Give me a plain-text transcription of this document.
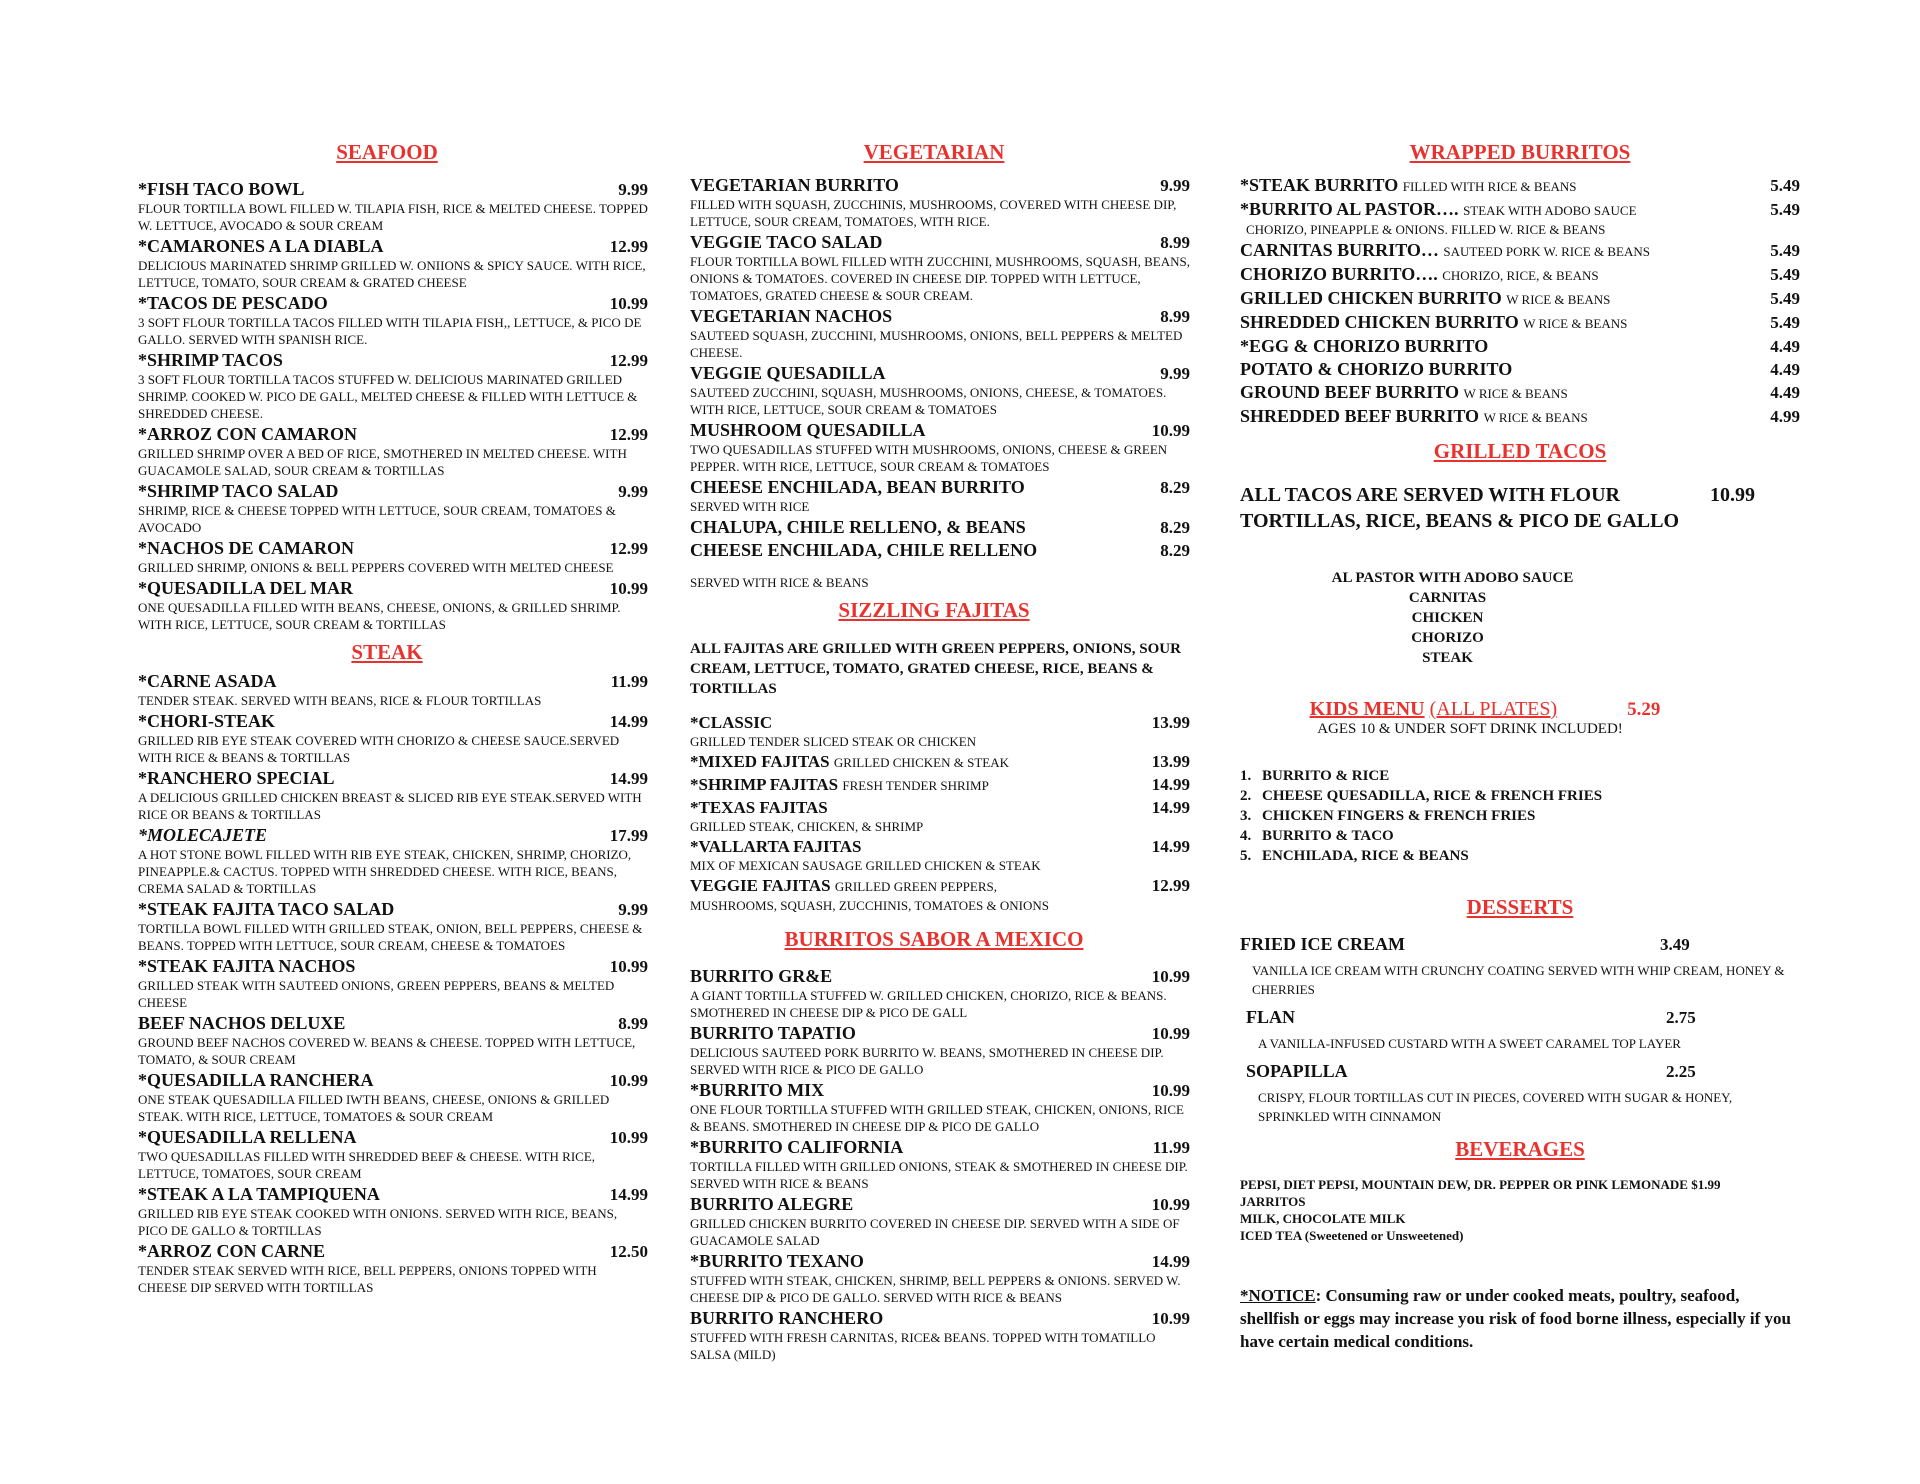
SEAFOOD
*FISH TACO BOWL	9.99
FLOUR TORTILLA BOWL FILLED W. TILAPIA FISH, RICE & MELTED CHEESE. TOPPED W. LETTUCE, AVOCADO & SOUR CREAM
*CAMARONES A LA DIABLA	12.99
DELICIOUS MARINATED SHRIMP GRILLED W. ONIIONS & SPICY SAUCE. WITH RICE, LETTUCE, TOMATO, SOUR CREAM & GRATED CHEESE
*TACOS DE PESCADO	10.99
3 SOFT FLOUR TORTILLA TACOS FILLED WITH TILAPIA FISH,, LETTUCE, & PICO DE GALLO. SERVED WITH SPANISH RICE.
*SHRIMP TACOS	12.99
3 SOFT FLOUR TORTILLA TACOS STUFFED W. DELICIOUS MARINATED GRILLED SHRIMP. COOKED W. PICO DE GALL, MELTED CHEESE & FILLED WITH LETTUCE & SHREDDED CHEESE.
*ARROZ CON CAMARON	12.99
GRILLED SHRIMP OVER A BED OF RICE, SMOTHERED IN MELTED CHEESE. WITH GUACAMOLE SALAD, SOUR CREAM & TORTILLAS
*SHRIMP TACO SALAD	9.99
SHRIMP, RICE & CHEESE TOPPED WITH LETTUCE, SOUR CREAM, TOMATOES & AVOCADO
*NACHOS DE CAMARON	12.99
GRILLED SHRIMP, ONIONS & BELL PEPPERS COVERED WITH MELTED CHEESE
*QUESADILLA DEL MAR	10.99
ONE QUESADILLA FILLED WITH BEANS, CHEESE, ONIONS, & GRILLED SHRIMP. WITH RICE, LETTUCE, SOUR CREAM & TORTILLAS
STEAK
*CARNE ASADA	11.99
TENDER STEAK. SERVED WITH BEANS, RICE & FLOUR TORTILLAS
*CHORI-STEAK	14.99
GRILLED RIB EYE STEAK COVERED WITH CHORIZO & CHEESE SAUCE.SERVED WITH RICE & BEANS & TORTILLAS
*RANCHERO SPECIAL	14.99
A DELICIOUS GRILLED CHICKEN BREAST & SLICED RIB EYE STEAK.SERVED WITH RICE OR BEANS & TORTILLAS
*MOLECAJETE	17.99
A HOT STONE BOWL FILLED WITH RIB EYE STEAK, CHICKEN, SHRIMP, CHORIZO, PINEAPPLE.& CACTUS. TOPPED WITH SHREDDED CHEESE. WITH RICE, BEANS, CREMA SALAD & TORTILLAS
*STEAK FAJITA TACO SALAD	9.99
TORTILLA BOWL FILLED WITH GRILLED STEAK, ONION, BELL PEPPERS, CHEESE & BEANS. TOPPED WITH LETTUCE, SOUR CREAM, CHEESE & TOMATOES
*STEAK FAJITA NACHOS	10.99
GRILLED STEAK WITH SAUTEED ONIONS, GREEN PEPPERS, BEANS & MELTED CHEESE
BEEF NACHOS DELUXE	8.99
GROUND BEEF NACHOS COVERED W. BEANS & CHEESE. TOPPED WITH LETTUCE, TOMATO, & SOUR CREAM
*QUESADILLA RANCHERA	10.99
ONE STEAK QUESADILLA FILLED IWTH BEANS, CHEESE, ONIONS & GRILLED STEAK. WITH RICE, LETTUCE, TOMATOES & SOUR CREAM
*QUESADILLA RELLENA	10.99
TWO QUESADILLAS FILLED WITH SHREDDED BEEF & CHEESE. WITH RICE, LETTUCE, TOMATOES, SOUR CREAM
*STEAK A LA TAMPIQUENA	14.99
GRILLED RIB EYE STEAK COOKED WITH ONIONS. SERVED WITH RICE, BEANS, PICO DE GALLO & TORTILLAS
*ARROZ CON CARNE	12.50
TENDER STEAK SERVED WITH RICE, BELL PEPPERS, ONIONS TOPPED WITH CHEESE DIP SERVED WITH TORTILLAS
VEGETARIAN
VEGETARIAN BURRITO	9.99
FILLED WITH SQUASH, ZUCCHINIS, MUSHROOMS, COVERED WITH CHEESE DIP, LETTUCE, SOUR CREAM, TOMATOES, WITH RICE.
VEGGIE TACO SALAD	8.99
FLOUR TORTILLA BOWL FILLED WITH ZUCCHINI, MUSHROOMS, SQUASH, BEANS, ONIONS & TOMATOES. COVERED IN CHEESE DIP. TOPPED WITH LETTUCE, TOMATOES, GRATED CHEESE & SOUR CREAM.
VEGETARIAN NACHOS	8.99
SAUTEED SQUASH, ZUCCHINI, MUSHROOMS, ONIONS, BELL PEPPERS & MELTED CHEESE.
VEGGIE QUESADILLA	9.99
SAUTEED ZUCCHINI, SQUASH, MUSHROOMS, ONIONS, CHEESE, & TOMATOES. WITH RICE, LETTUCE, SOUR CREAM & TOMATOES
MUSHROOM QUESADILLA	10.99
TWO QUESADILLAS STUFFED WITH MUSHROOMS, ONIONS, CHEESE & GREEN PEPPER. WITH RICE, LETTUCE, SOUR CREAM & TOMATOES
CHEESE ENCHILADA, BEAN BURRITO	8.29
SERVED WITH RICE
CHALUPA, CHILE RELLENO, & BEANS	8.29
CHEESE ENCHILADA, CHILE RELLENO	8.29
SERVED WITH RICE & BEANS
SIZZLING FAJITAS
ALL FAJITAS ARE GRILLED WITH GREEN PEPPERS, ONIONS, SOUR CREAM, LETTUCE, TOMATO, GRATED CHEESE, RICE, BEANS & TORTILLAS
*CLASSIC	13.99
GRILLED TENDER SLICED STEAK OR CHICKEN
*MIXED FAJITAS GRILLED CHICKEN & STEAK	13.99
*SHRIMP FAJITAS FRESH TENDER SHRIMP	14.99
*TEXAS FAJITAS	14.99
GRILLED STEAK, CHICKEN, & SHRIMP
*VALLARTA FAJITAS	14.99
MIX OF MEXICAN SAUSAGE GRILLED CHICKEN & STEAK
VEGGIE FAJITAS GRILLED GREEN PEPPERS,	12.99
MUSHROOMS, SQUASH, ZUCCHINIS, TOMATOES & ONIONS
BURRITOS SABOR A MEXICO
BURRITO GR&E	10.99
A GIANT TORTILLA STUFFED W. GRILLED CHICKEN, CHORIZO, RICE & BEANS. SMOTHERED IN CHEESE DIP & PICO DE GALL
BURRITO TAPATIO	10.99
DELICIOUS SAUTEED PORK BURRITO W. BEANS, SMOTHERED IN CHEESE DIP. SERVED WITH RICE & PICO DE GALLO
*BURRITO MIX	10.99
ONE FLOUR TORTILLA STUFFED WITH GRILLED STEAK, CHICKEN, ONIONS, RICE & BEANS. SMOTHERED IN CHEESE DIP & PICO DE GALLO
*BURRITO CALIFORNIA	11.99
TORTILLA FILLED WITH GRILLED ONIONS, STEAK & SMOTHERED IN CHEESE DIP. SERVED WITH RICE & BEANS
BURRITO ALEGRE	10.99
GRILLED CHICKEN BURRITO COVERED IN CHEESE DIP. SERVED WITH A SIDE OF GUACAMOLE SALAD
*BURRITO TEXANO	14.99
STUFFED WITH STEAK, CHICKEN, SHRIMP, BELL PEPPERS & ONIONS. SERVED W. CHEESE DIP & PICO DE GALLO. SERVED WITH RICE & BEANS
BURRITO RANCHERO	10.99
STUFFED WITH FRESH CARNITAS, RICE& BEANS. TOPPED WITH TOMATILLO SALSA (MILD)
WRAPPED BURRITOS
*STEAK BURRITO FILLED WITH RICE & BEANS	5.49
*BURRITO AL PASTOR…. STEAK WITH ADOBO SAUCE	5.49
CHORIZO, PINEAPPLE & ONIONS. FILLED W. RICE & BEANS
CARNITAS BURRITO… SAUTEED PORK W. RICE & BEANS	5.49
CHORIZO BURRITO…. CHORIZO, RICE, & BEANS	5.49
GRILLED CHICKEN BURRITO W RICE & BEANS	5.49
SHREDDED CHICKEN BURRITO W RICE & BEANS	5.49
*EGG & CHORIZO BURRITO	4.49
POTATO & CHORIZO BURRITO	4.49
GROUND BEEF BURRITO W RICE & BEANS	4.49
SHREDDED BEEF BURRITO W RICE & BEANS	4.99
GRILLED TACOS
ALL TACOS ARE SERVED WITH FLOUR	10.99
TORTILLAS, RICE, BEANS & PICO DE GALLO
AL PASTOR WITH ADOBO SAUCE
CARNITAS
CHICKEN
CHORIZO
STEAK
KIDS MENU (ALL PLATES)	5.29
AGES 10 & UNDER SOFT DRINK INCLUDED!
1. BURRITO & RICE
2. CHEESE QUESADILLA, RICE & FRENCH FRIES
3. CHICKEN FINGERS & FRENCH FRIES
4. BURRITO & TACO
5. ENCHILADA, RICE & BEANS
DESSERTS
FRIED ICE CREAM	3.49
VANILLA ICE CREAM WITH CRUNCHY COATING SERVED WITH WHIP CREAM, HONEY & CHERRIES
FLAN	2.75
A VANILLA-INFUSED CUSTARD WITH A SWEET CARAMEL TOP LAYER
SOPAPILLA	2.25
CRISPY, FLOUR TORTILLAS CUT IN PIECES, COVERED WITH SUGAR & HONEY, SPRINKLED WITH CINNAMON
BEVERAGES
PEPSI, DIET PEPSI, MOUNTAIN DEW, DR. PEPPER OR PINK LEMONADE $1.99
JARRITOS
MILK, CHOCOLATE MILK
ICED TEA (Sweetened or Unsweetened)
*NOTICE: Consuming raw or under cooked meats, poultry, seafood, shellfish or eggs may increase you risk of food borne illness, especially if you have certain medical conditions.
